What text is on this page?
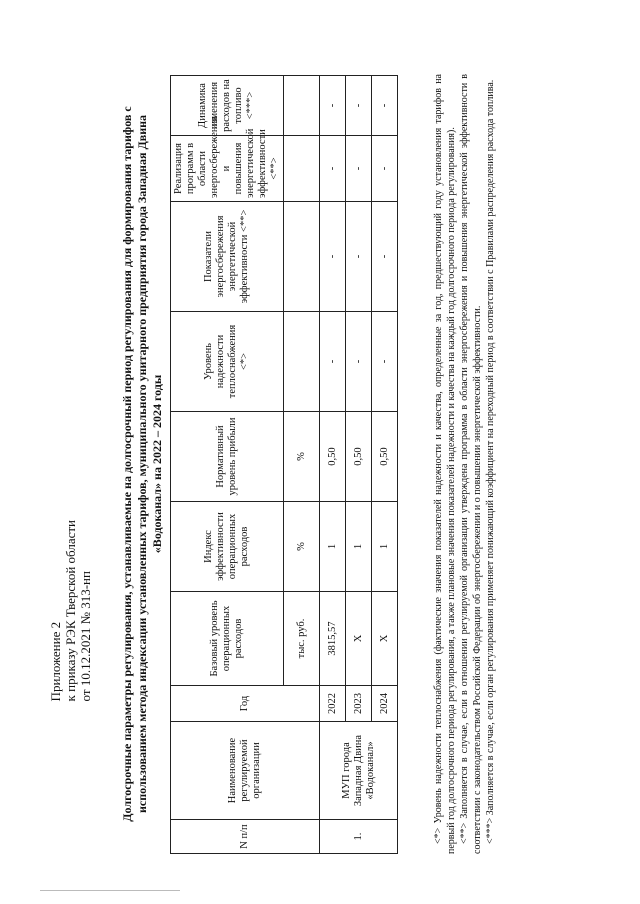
Приложение 2 к приказу РЭК Тверской области от 10.12.2021 № 313-нп Долгосрочные параметры регулирования, устанавливаемые на долгосрочный период регулирования для формирования тарифов с использованием метода индексации установленных тарифов, муниципального унитарного предприятия города Западная Двина «Водоканал» на 2022 – 2024 годы
N п/п	Наименование регулируемой организации	Год	Базовый уровень операционных расходов	Индекс эффективности операционных расходов	Нормативный уровень прибыли	Уровень надежности теплоснабжения <*>	Показатели энергосбережения энергетической эффективности <**>	Реализация программ в области энергосбережения и повышения энергетической эффективности <**>	Динамика изменения расходов на топливо <***>
			тыс. руб.	%	%				
1.	МУП города Западная Двина «Водоканал»	2022	3815,57	1	0,50	-	-	-	-
		2023	X	1	0,50	-	-	-	-
		2024	X	1	0,50	-	-	-	-	<*> Уровень надежности теплоснабжения (фактические значения показателей надежности и качества, определенные за год, предшествующий году установления тарифов на первый год долгосрочного периода регулирования, а также плановые значения показателей надежности и качества на каждый год долгосрочного периода регулирования). <**> Заполняется в случае, если в отношении регулируемой организации утверждена программа в области энергосбережения и повышения энергетической эффективности в соответствии с законодательством Российской Федерации об энергосбережении и о повышении энергетической эффективности. <***> Заполняется в случае, если орган регулирования применяет понижающий коэффициент на переходный период в соответствии с Правилами распределения расхода топлива.
